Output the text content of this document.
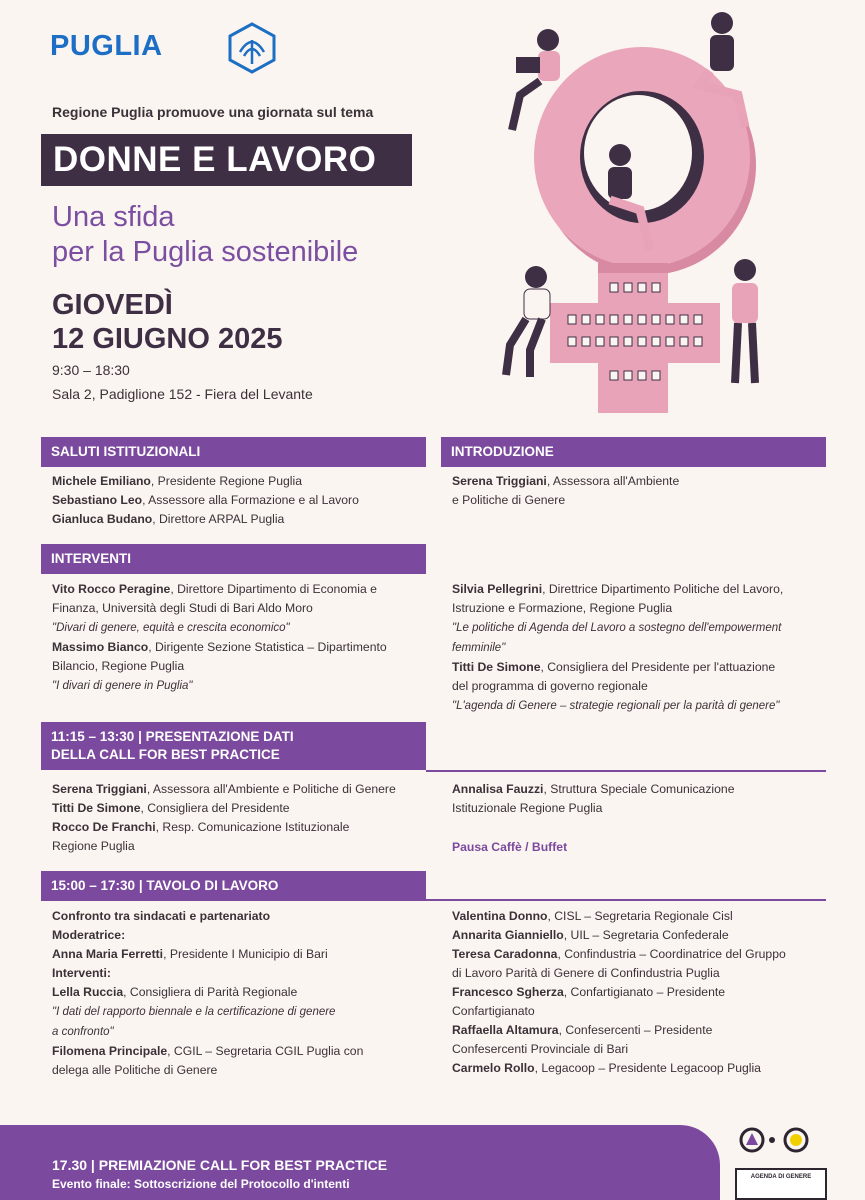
PUGLIA
Regione Puglia promuove una giornata sul tema
DONNE E LAVORO
Una sfida
per la Puglia sostenibile
GIOVEDÌ
12 GIUGNO 2025
9:30 – 18:30
Sala 2, Padiglione 152 - Fiera del Levante
SALUTI ISTITUZIONALI
Michele Emiliano, Presidente Regione Puglia
Sebastiano Leo, Assessore alla Formazione e al Lavoro
Gianluca Budano, Direttore ARPAL Puglia
INTRODUZIONE
Serena Triggiani, Assessora all'Ambiente
e Politiche di Genere
INTERVENTI
Vito Rocco Peragine, Direttore Dipartimento di Economia e
Finanza, Università degli Studi di Bari Aldo Moro
"Divari di genere, equità e crescita economico"
Massimo Bianco, Dirigente Sezione Statistica – Dipartimento
Bilancio, Regione Puglia
"I divari di genere in Puglia"
Silvia Pellegrini, Direttrice Dipartimento Politiche del Lavoro,
Istruzione e Formazione, Regione Puglia
"Le politiche di Agenda del Lavoro a sostegno dell'empowerment
femminile"
Titti De Simone, Consigliera del Presidente per l'attuazione
del programma di governo regionale
"L'agenda di Genere – strategie regionali per la parità di genere"
11:15 – 13:30 | PRESENTAZIONE DATI
DELLA CALL FOR BEST PRACTICE
Serena Triggiani, Assessora all'Ambiente e Politiche di Genere
Titti De Simone, Consigliera del Presidente
Rocco De Franchi, Resp. Comunicazione Istituzionale
Regione Puglia
Annalisa Fauzzi, Struttura Speciale Comunicazione
Istituzionale Regione Puglia
Pausa Caffè / Buffet
15:00 – 17:30 | TAVOLO DI LAVORO
Confronto tra sindacati e partenariato
Moderatrice:
Anna Maria Ferretti, Presidente I Municipio di Bari
Interventi:
Lella Ruccia, Consigliera di Parità Regionale
"I dati del rapporto biennale e la certificazione di genere
a confronto"
Filomena Principale, CGIL – Segretaria CGIL Puglia con
delega alle Politiche di Genere
Valentina Donno, CISL – Segretaria Regionale Cisl
Annarita Gianniello, UIL – Segretaria Confederale
Teresa Caradonna, Confindustria – Coordinatrice del Gruppo
di Lavoro Parità di Genere di Confindustria Puglia
Francesco Sgherza, Confartigianato – Presidente
Confartigianato
Raffaella Altamura, Confesercenti – Presidente
Confesercenti Provinciale di Bari
Carmelo Rollo, Legacoop – Presidente Legacoop Puglia
17.30 | PREMIAZIONE CALL FOR BEST PRACTICE
Evento finale: Sottoscrizione del Protocollo d'intenti	AGENDA DI GENERE
